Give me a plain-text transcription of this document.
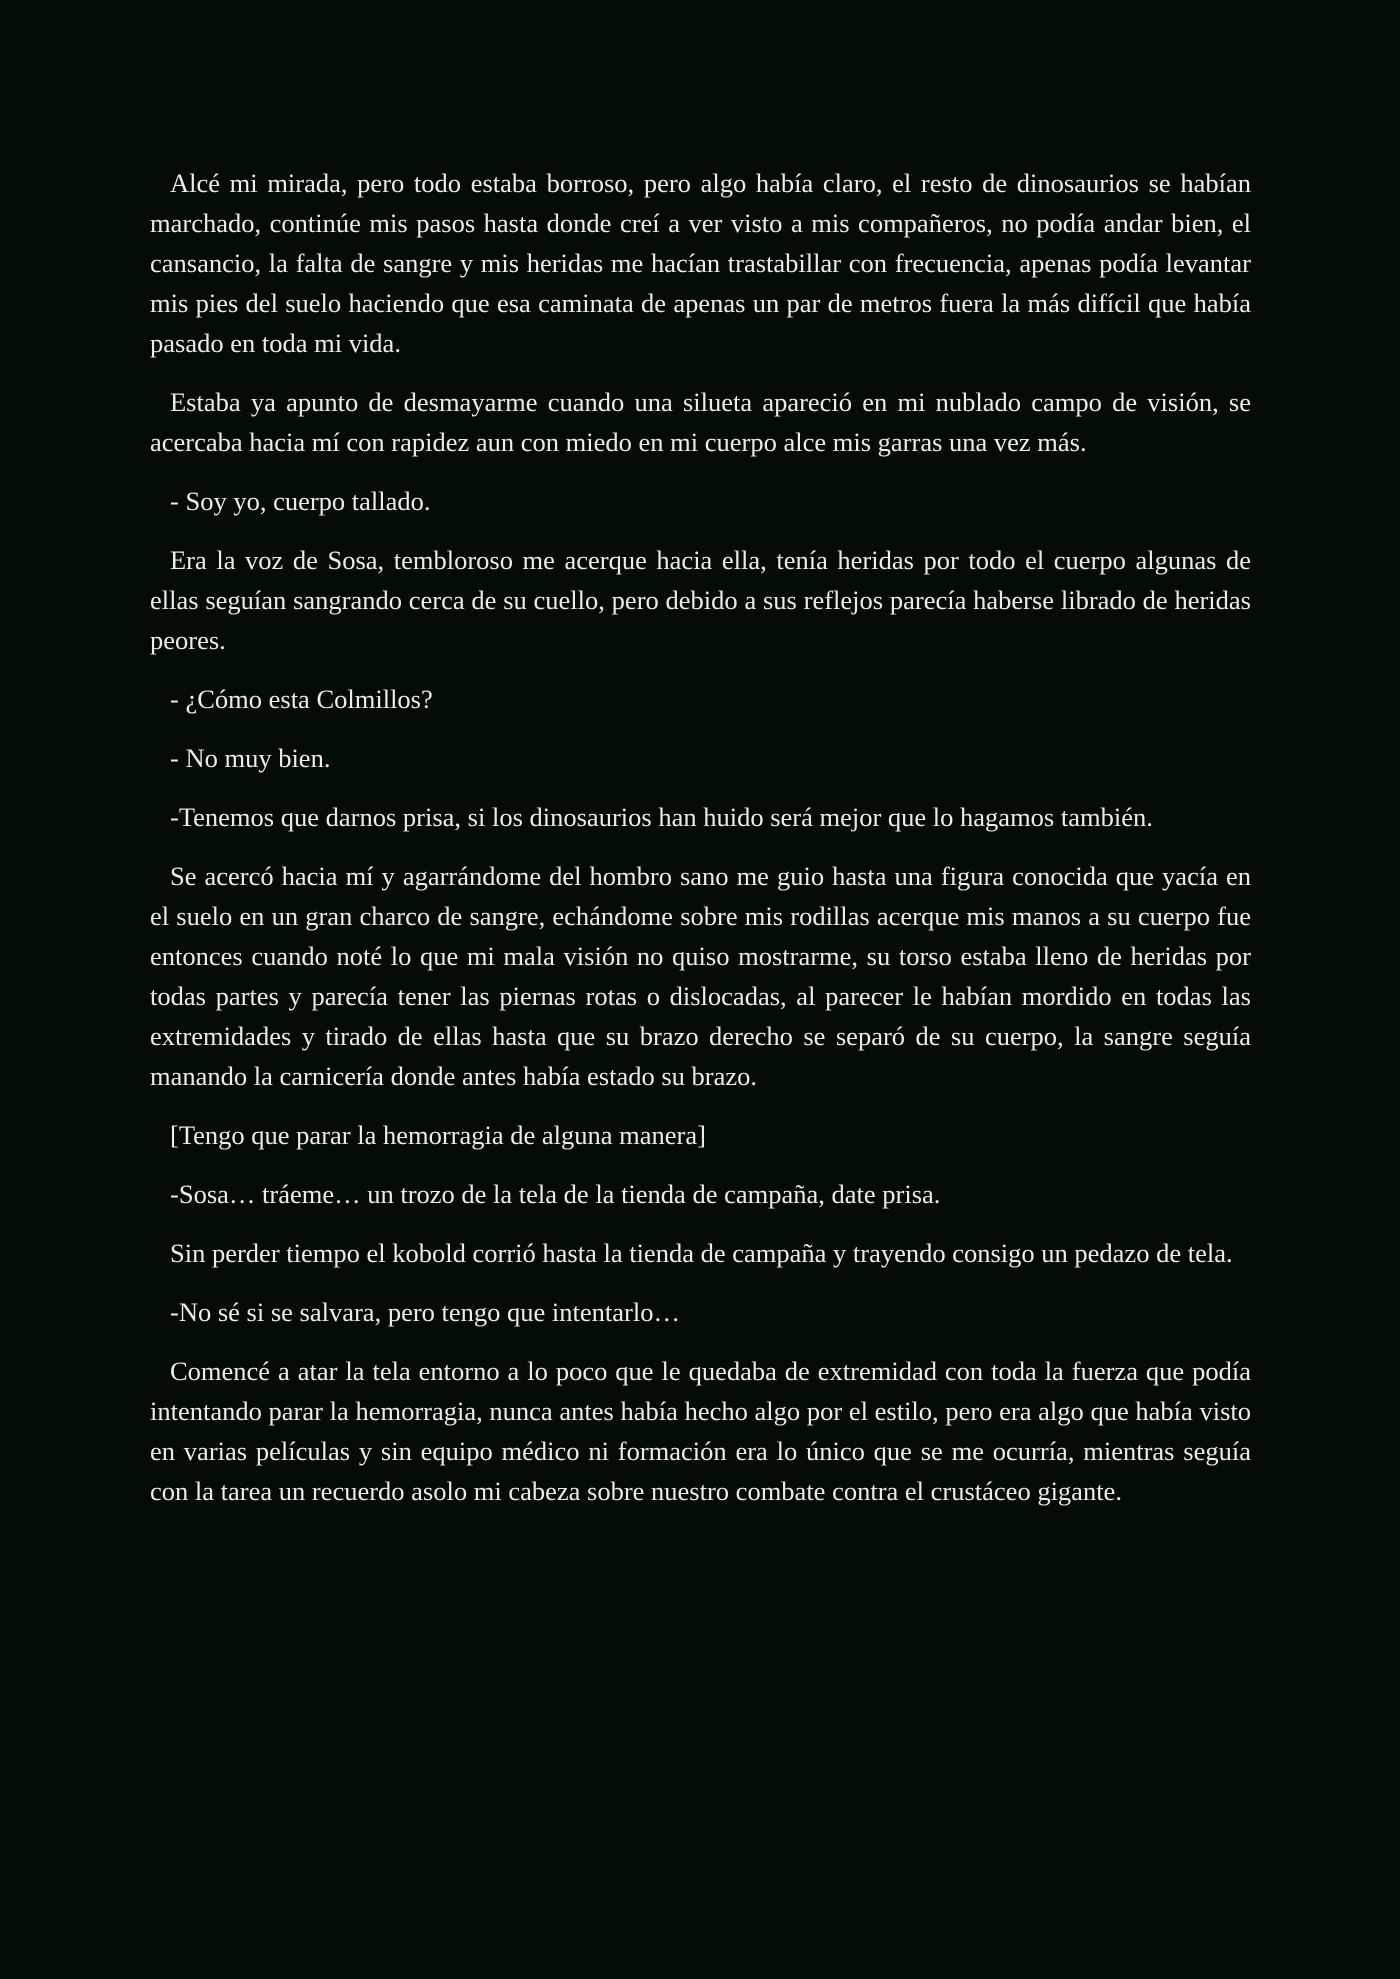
Alcé mi mirada, pero todo estaba borroso, pero algo había claro, el resto de dinosaurios se habían marchado, continúe mis pasos hasta donde creí a ver visto a mis compañeros, no podía andar bien, el cansancio, la falta de sangre y mis heridas me hacían trastabillar con frecuencia, apenas podía levantar mis pies del suelo haciendo que esa caminata de apenas un par de metros fuera la más difícil que había pasado en toda mi vida.

Estaba ya apunto de desmayarme cuando una silueta apareció en mi nublado campo de visión, se acercaba hacia mí con rapidez aun con miedo en mi cuerpo alce mis garras una vez más.

- Soy yo, cuerpo tallado.

Era la voz de Sosa, tembloroso me acerque hacia ella, tenía heridas por todo el cuerpo algunas de ellas seguían sangrando cerca de su cuello, pero debido a sus reflejos parecía haberse librado de heridas peores.

- ¿Cómo esta Colmillos?

- No muy bien.

-Tenemos que darnos prisa, si los dinosaurios han huido será mejor que lo hagamos también.

Se acercó hacia mí y agarrándome del hombro sano me guio hasta una figura conocida que yacía en el suelo en un gran charco de sangre, echándome sobre mis rodillas acerque mis manos a su cuerpo fue entonces cuando noté lo que mi mala visión no quiso mostrarme, su torso estaba lleno de heridas por todas partes y parecía tener las piernas rotas o dislocadas, al parecer le habían mordido en todas las extremidades y tirado de ellas hasta que su brazo derecho se separó de su cuerpo, la sangre seguía manando la carnicería donde antes había estado su brazo.

[Tengo que parar la hemorragia de alguna manera]

-Sosa… tráeme… un trozo de la tela de la tienda de campaña, date prisa.

Sin perder tiempo el kobold corrió hasta la tienda de campaña y trayendo consigo un pedazo de tela.

-No sé si se salvara, pero tengo que intentarlo…

Comencé a atar la tela entorno a lo poco que le quedaba de extremidad con toda la fuerza que podía intentando parar la hemorragia, nunca antes había hecho algo por el estilo, pero era algo que había visto en varias películas y sin equipo médico ni formación era lo único que se me ocurría, mientras seguía con la tarea un recuerdo asolo mi cabeza sobre nuestro combate contra el crustáceo gigante.
